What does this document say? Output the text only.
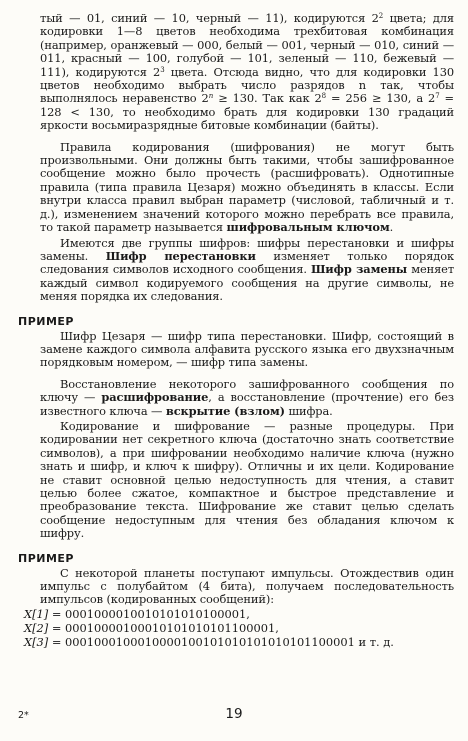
тый — 01, синий — 10, черный — 11), кодируются $2^2$ цвета; для кодировки 1—8 цветов необходима трехбитовая комбинация (например, оранжевый — 000, белый — 001, черный — 010, синий — 011, красный — 100, голубой — 101, зеленый — 110, бежевый — 111), кодируются $2^3$ цвета. Отсюда видно, что для кодировки 130 цветов необходимо выбрать число разрядов n так, чтобы выполнялось неравенство $2^n \ge 130$. Так как $2^8 = 256 \ge 130$, а $2^7 = 128 < 130$, то необходимо брать для кодировки 130 градаций яркости восьмиразрядные битовые комбинации (байты).

Правила кодирования (шифрования) не могут быть произвольными. Они должны быть такими, чтобы зашифрованное сообщение можно было прочесть (расшифровать). Однотипные правила (типа правила Цезаря) можно объединять в классы. Если внутри класса правил выбран параметр (числовой, табличный и т. д.), изменением значений которого можно перебрать все правила, то такой параметр называется шифровальным ключом.

Имеются две группы шифров: шифры перестановки и шифры замены. Шифр перестановки изменяет только порядок следования символов исходного сообщения. Шифр замены меняет каждый символ кодируемого сообщения на другие символы, не меняя порядка их следования.

ПРИМЕР

Шифр Цезаря — шифр типа перестановки. Шифр, состоящий в замене каждого символа алфавита русского языка его двухзначным порядковым номером, — шифр типа замены.

Восстановление некоторого зашифрованного сообщения по ключу — расшифрование, а восстановление (прочтение) его без известного ключа — вскрытие (взлом) шифра.

Кодирование и шифрование — разные процедуры. При кодировании нет секретного ключа (достаточно знать соответствие символов), а при шифровании необходимо наличие ключа (нужно знать и шифр, и ключ к шифру). Отличны и их цели. Кодирование не ставит основной целью недоступность для чтения, а ставит целью более сжатое, компактное и быстрое представление и преобразование текста. Шифрование же ставит целью сделать сообщение недоступным для чтения без обладания ключом к шифру.

ПРИМЕР

С некоторой планеты поступают импульсы. Отождествив один импульс с полубайтом (4 бита), получаем последовательность импульсов (кодированных сообщений):

X[1] = 0001000010010101010100001,
X[2] = 00010000100010101010101100001,
X[3] = 0001000100010000100101010101010101100001 и т. д.
2*	19
